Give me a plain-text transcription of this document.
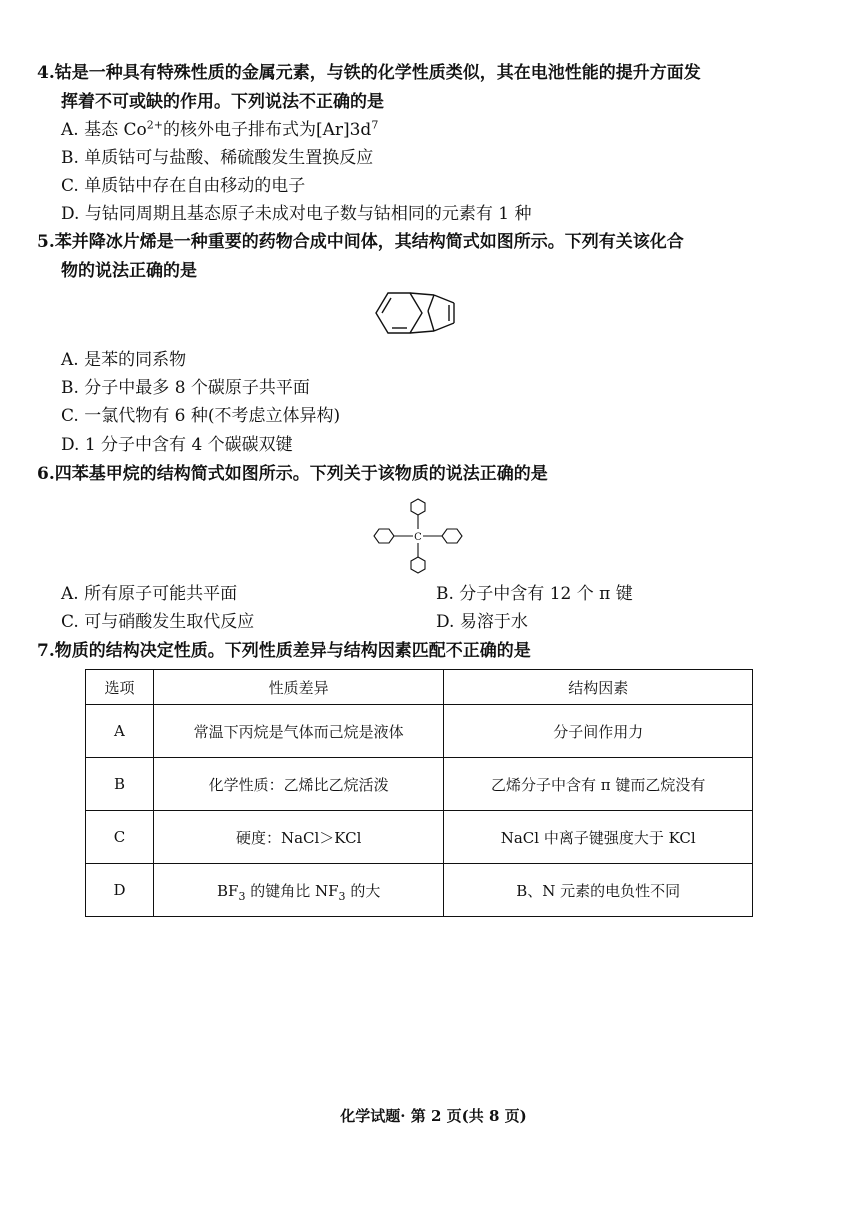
4.钴是一种具有特殊性质的金属元素，与铁的化学性质类似，其在电池性能的提升方面发
挥着不可或缺的作用。下列说法不正确的是
A. 基态 $Co^{2+}$的核外电子排布式为$[Ar]3d^7$
B. 单质钴可与盐酸、稀硫酸发生置换反应
C. 单质钴中存在自由移动的电子
D. 与钴同周期且基态原子未成对电子数与钴相同的元素有 1 种
5.苯并降冰片烯是一种重要的药物合成中间体，其结构简式如图所示。下列有关该化合
物的说法正确的是
A. 是苯的同系物
B. 分子中最多 8 个碳原子共平面
C. 一氯代物有 6 种(不考虑立体异构)
D. 1 分子中含有 4 个碳碳双键
6.四苯基甲烷的结构简式如图所示。下列关于该物质的说法正确的是
C
A. 所有原子可能共平面	B. 分子中含有 12 个 π 键
C. 可与硝酸发生取代反应	D. 易溶于水
7.物质的结构决定性质。下列性质差异与结构因素匹配不正确的是
选项	性质差异	结构因素
A	常温下丙烷是气体而己烷是液体	分子间作用力
B	化学性质：乙烯比乙烷活泼	乙烯分子中含有 π 键而乙烷没有
C	硬度：NaCl＞KCl	NaCl 中离子键强度大于 KCl
D	$BF_3$ 的键角比 $NF_3$ 的大	B、N 元素的电负性不同
化学试题· 第 2 页(共 8 页)
